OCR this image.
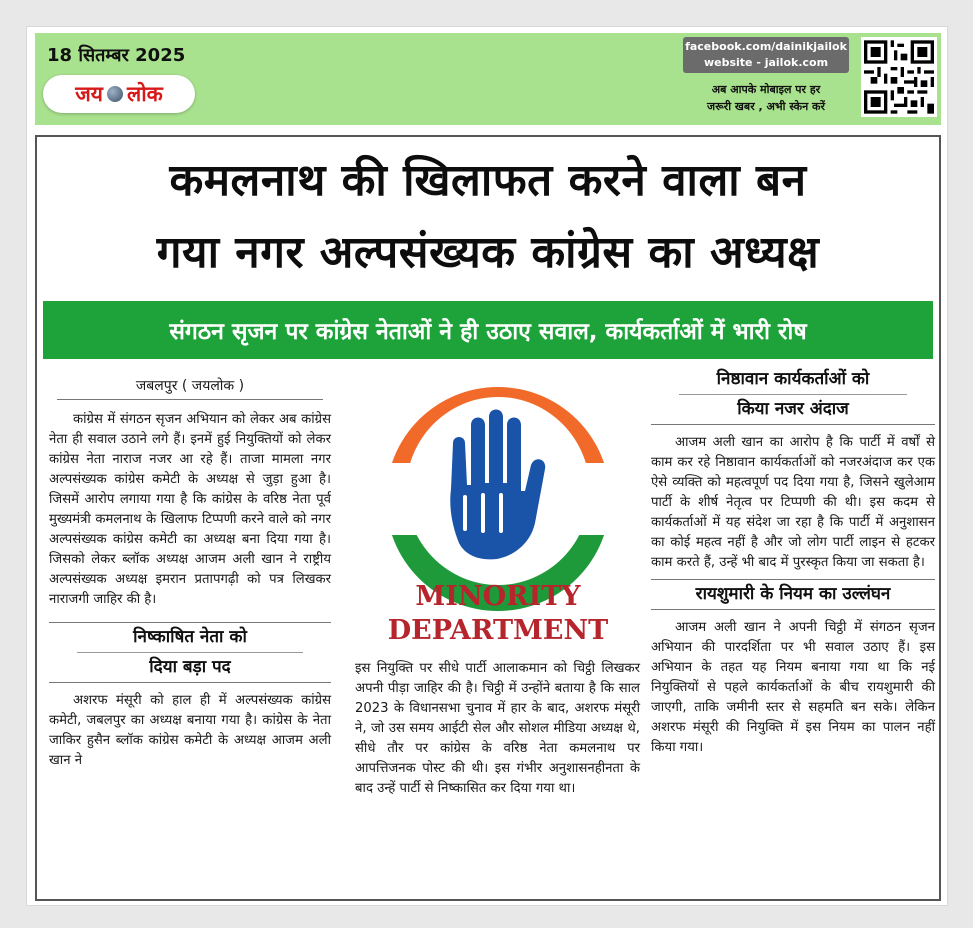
18 सितम्बर 2025
जय लोक
facebook.com/dainikjailok
website - jailok.com
अब आपके मोबाइल पर हर
जरूरी खबर , अभी स्केन करें
कमलनाथ की खिलाफत करने वाला बन
गया नगर अल्पसंख्यक कांग्रेस का अध्यक्ष
संगठन सृजन पर कांग्रेस नेताओं ने ही उठाए सवाल, कार्यकर्ताओं में भारी रोष
जबलपुर ( जयलोक )

कांग्रेस में संगठन सृजन अभियान को लेकर अब कांग्रेस नेता ही सवाल उठाने लगे हैं। इनमें हुई नियुक्तियों को लेकर कांग्रेस नेता नाराज नजर आ रहे हैं। ताजा मामला नगर अल्पसंख्यक कांग्रेस कमेटी के अध्यक्ष से जुड़ा हुआ है। जिसमें आरोप लगाया गया है कि कांग्रेस के वरिष्ठ नेता पूर्व मुख्यमंत्री कमलनाथ के खिलाफ टिप्पणी करने वाले को नगर अल्पसंख्यक कांग्रेस कमेटी का अध्यक्ष बना दिया गया है। जिसको लेकर ब्लॉक अध्यक्ष आजम अली खान ने राष्ट्रीय अल्पसंख्यक अध्यक्ष इमरान प्रतापगढ़ी को पत्र लिखकर नाराजगी जाहिर की है।

निष्काषित नेता को
दिया बड़ा पद

अशरफ मंसूरी को हाल ही में अल्पसंख्यक कांग्रेस कमेटी, जबलपुर का अध्यक्ष बनाया गया है। कांग्रेस के नेता जाकिर हुसैन ब्लॉक कांग्रेस कमेटी के अध्यक्ष आजम अली खान ने

MINORITY
DEPARTMENT

इस नियुक्ति पर सीधे पार्टी आलाकमान को चिट्ठी लिखकर अपनी पीड़ा जाहिर की है। चिट्ठी में उन्होंने बताया है कि साल 2023 के विधानसभा चुनाव में हार के बाद, अशरफ मंसूरी ने, जो उस समय आईटी सेल और सोशल मीडिया अध्यक्ष थे, सीधे तौर पर कांग्रेस के वरिष्ठ नेता कमलनाथ पर आपत्तिजनक पोस्ट की थी। इस गंभीर अनुशासनहीनता के बाद उन्हें पार्टी से निष्कासित कर दिया गया था।

निष्ठावान कार्यकर्ताओं को
किया नजर अंदाज

आजम अली खान का आरोप है कि पार्टी में वर्षों से काम कर रहे निष्ठावान कार्यकर्ताओं को नजरअंदाज कर एक ऐसे व्यक्ति को महत्वपूर्ण पद दिया गया है, जिसने खुलेआम पार्टी के शीर्ष नेतृत्व पर टिप्पणी की थी। इस कदम से कार्यकर्ताओं में यह संदेश जा रहा है कि पार्टी में अनुशासन का कोई महत्व नहीं है और जो लोग पार्टी लाइन से हटकर काम करते हैं, उन्हें भी बाद में पुरस्कृत किया जा सकता है।

रायशुमारी के नियम का उल्लंघन

आजम अली खान ने अपनी चिट्ठी में संगठन सृजन अभियान की पारदर्शिता पर भी सवाल उठाए हैं। इस अभियान के तहत यह नियम बनाया गया था कि नई नियुक्तियों से पहले कार्यकर्ताओं के बीच रायशुमारी की जाएगी, ताकि जमीनी स्तर से सहमति बन सके। लेकिन अशरफ मंसूरी की नियुक्ति में इस नियम का पालन नहीं किया गया।
